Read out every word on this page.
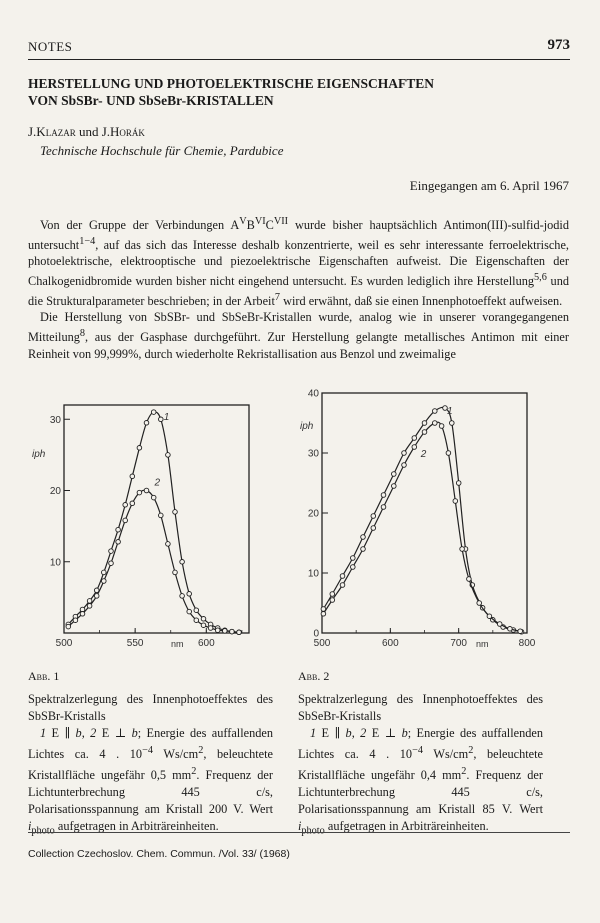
NOTES	973
HERSTELLUNG UND PHOTOELEKTRISCHE EIGENSCHAFTEN
VON SbSBr- UND SbSeBr-KRISTALLEN
J.Klazar und J.Horák
Technische Hochschule für Chemie, Pardubice
Eingegangen am 6. April 1967

Von der Gruppe der Verbindungen $A^VB^{VI}C^{VII}$ wurde bisher hauptsächlich Antimon(III)-sulfid-jodid untersucht$^{1-4}$, auf das sich das Interesse deshalb konzentrierte, weil es sehr interessante ferroelektrische, photoelektrische, elektrooptische und piezoelektrische Eigenschaften aufweist. Die Eigenschaften der Chalkogenidbromide wurden bisher nicht eingehend untersucht. Es wurden lediglich ihre Herstellung$^{5,6}$ und die Strukturalparameter beschrieben; in der Arbeit$^7$ wird erwähnt, daß sie einen Innenphotoeffekt aufweisen.

Die Herstellung von SbSBr- und SbSeBr-Kristallen wurde, analog wie in unserer vorangegangenen Mitteilung$^8$, aus der Gasphase durchgeführt. Zur Herstellung gelangte metallisches Antimon mit einer Reinheit von 99,999%, durch wiederholte Rekristallisation aus Benzol und zweimalige

10
20
30
500	550	600
nm
iph
1
2
0
10
20
30
40
500	600	700	800
nm
iph
1
2

Abb. 1

Spektralzerlegung des Innenphotoeffektes des SbSBr-Kristalls

1 E ∥ b, 2 E ⊥ b; Energie des auffallenden Lichtes ca. 4 . $10^{-4}$ $Ws/cm^2$, beleuchtete Kristallfläche ungefähr 0,5 $mm^2$. Frequenz der Lichtunterbrechung 445 c/s, Polarisationsspannung am Kristall 200 V. Wert $i_{photo}$ aufgetragen in Arbiträreinheiten.

Abb. 2

Spektralzerlegung des Innenphotoeffektes des SbSeBr-Kristalls

1 E ∥ b, 2 E ⊥ b; Energie des auffallenden Lichtes ca. 4 . $10^{-4}$ $Ws/cm^2$, beleuchtete Kristallfläche ungefähr 0,4 $mm^2$. Frequenz der Lichtunterbrechung 445 c/s, Polarisationsspannung am Kristall 85 V. Wert $i_{photo}$ aufgetragen in Arbiträreinheiten.

Collection Czechoslov. Chem. Commun. /Vol. 33/ (1968)
